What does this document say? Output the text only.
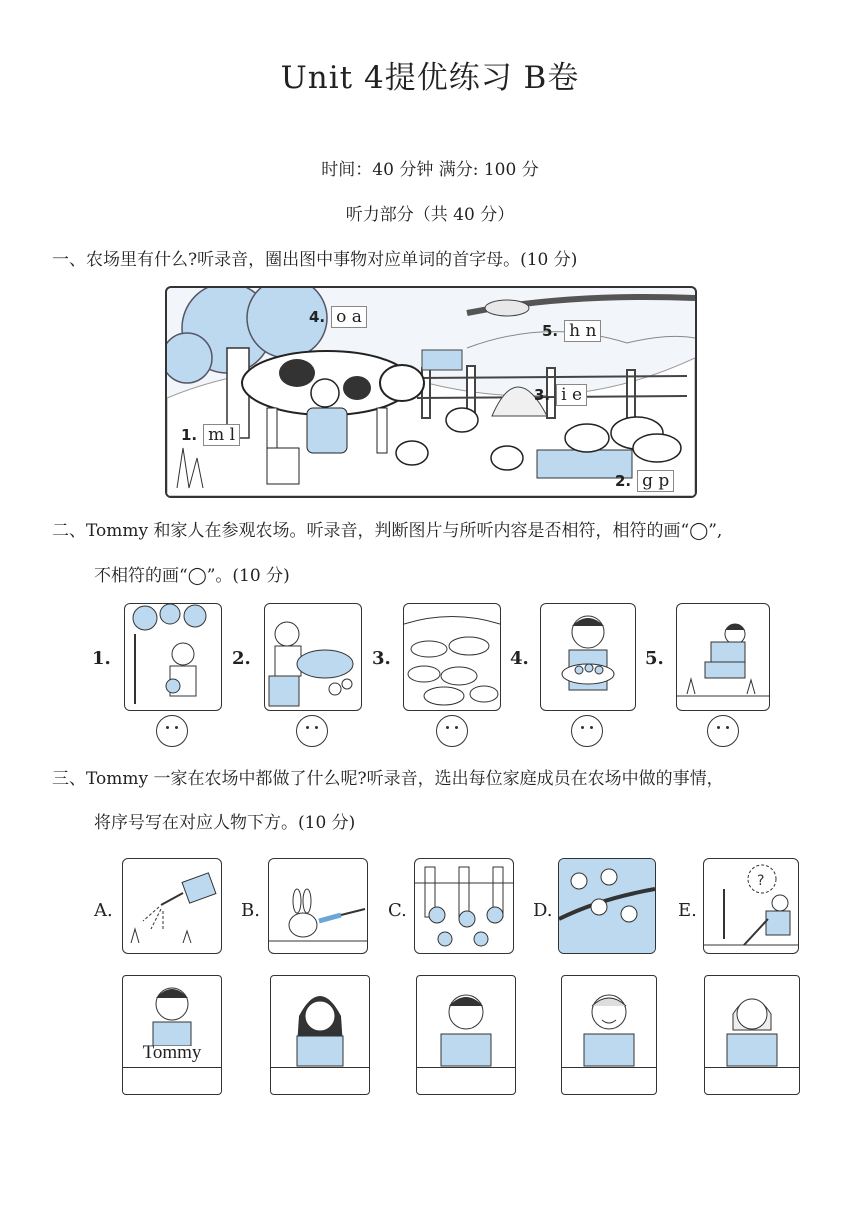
Unit 4提优练习 B卷
时间：40 分钟 满分: 100 分
听力部分（共 40 分）
一、农场里有什么?听录音，圈出图中事物对应单词的首字母。(10 分)
4. o a
5. h n
3. i e
1. m l
2. g p
二、Tommy 和家人在参观农场。听录音，判断图片与所听内容是否相符，相符的画“◯”,
不相符的画“◯”。(10 分)
1.	2.	3.	4.	5.
三、Tommy 一家在农场中都做了什么呢?听录音，选出每位家庭成员在农场中做的事情，
将序号写在对应人物下方。(10 分)
A.	B.	C.	D.	E.
?
Tommy
